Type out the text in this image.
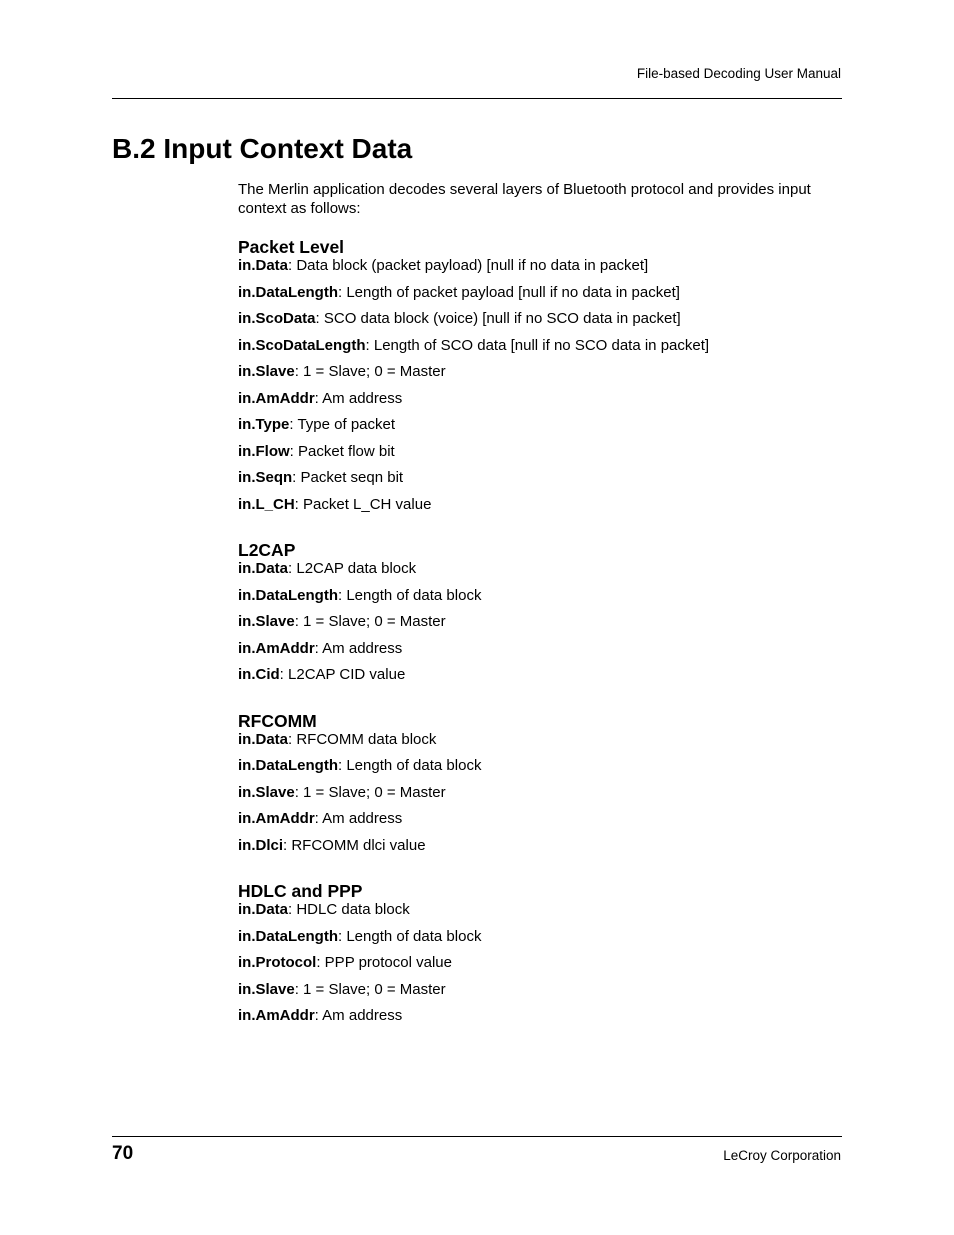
File-based Decoding User Manual
B.2 Input Context Data

The Merlin application decodes several layers of Bluetooth protocol and provides input context as follows:

Packet Level
in.Data: Data block (packet payload) [null if no data in packet]
in.DataLength: Length of packet payload [null if no data in packet]
in.ScoData: SCO data block (voice) [null if no SCO data in packet]
in.ScoDataLength: Length of SCO data [null if no SCO data in packet]
in.Slave: 1 = Slave; 0 = Master
in.AmAddr: Am address
in.Type: Type of packet
in.Flow: Packet flow bit
in.Seqn: Packet seqn bit
in.L_CH: Packet L_CH value
L2CAP
in.Data: L2CAP data block
in.DataLength: Length of data block
in.Slave: 1 = Slave; 0 = Master
in.AmAddr: Am address
in.Cid: L2CAP CID value
RFCOMM
in.Data: RFCOMM data block
in.DataLength: Length of data block
in.Slave: 1 = Slave; 0 = Master
in.AmAddr: Am address
in.Dlci: RFCOMM dlci value
HDLC and PPP
in.Data: HDLC data block
in.DataLength: Length of data block
in.Protocol: PPP protocol value
in.Slave: 1 = Slave; 0 = Master
in.AmAddr: Am address
70	LeCroy Corporation
